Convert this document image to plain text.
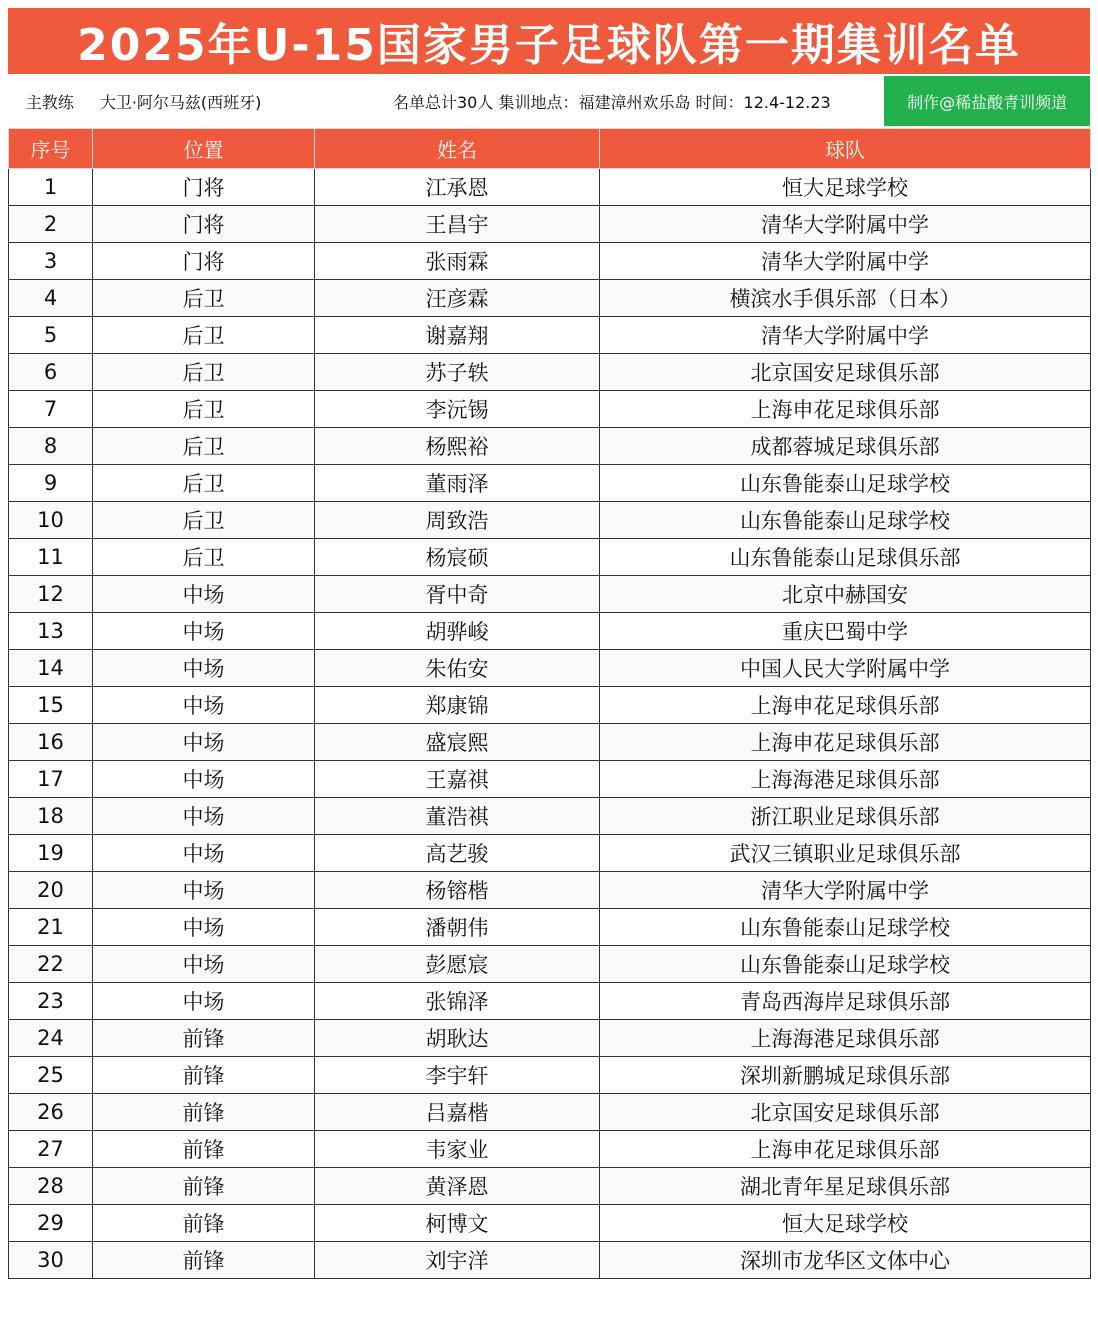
2025年U-15国家男子足球队第一期集训名单
主教练	大卫·阿尔马兹(西班牙)	名单总计30人 集训地点：福建漳州欢乐岛 时间：12.4-12.23	制作@稀盐酸青训频道
序号	位置	姓名	球队
1	门将	江承恩	恒大足球学校
2	门将	王昌宇	清华大学附属中学
3	门将	张雨霖	清华大学附属中学
4	后卫	汪彦霖	横滨水手俱乐部（日本）
5	后卫	谢嘉翔	清华大学附属中学
6	后卫	苏子轶	北京国安足球俱乐部
7	后卫	李沅锡	上海申花足球俱乐部
8	后卫	杨熙裕	成都蓉城足球俱乐部
9	后卫	董雨泽	山东鲁能泰山足球学校
10	后卫	周致浩	山东鲁能泰山足球学校
11	后卫	杨宸硕	山东鲁能泰山足球俱乐部
12	中场	胥中奇	北京中赫国安
13	中场	胡骅峻	重庆巴蜀中学
14	中场	朱佑安	中国人民大学附属中学
15	中场	郑康锦	上海申花足球俱乐部
16	中场	盛宸熙	上海申花足球俱乐部
17	中场	王嘉祺	上海海港足球俱乐部
18	中场	董浩祺	浙江职业足球俱乐部
19	中场	高艺骏	武汉三镇职业足球俱乐部
20	中场	杨镕楷	清华大学附属中学
21	中场	潘朝伟	山东鲁能泰山足球学校
22	中场	彭愿宸	山东鲁能泰山足球学校
23	中场	张锦泽	青岛西海岸足球俱乐部
24	前锋	胡耿达	上海海港足球俱乐部
25	前锋	李宇轩	深圳新鹏城足球俱乐部
26	前锋	吕嘉楷	北京国安足球俱乐部
27	前锋	韦家业	上海申花足球俱乐部
28	前锋	黄泽恩	湖北青年星足球俱乐部
29	前锋	柯博文	恒大足球学校
30	前锋	刘宇洋	深圳市龙华区文体中心
